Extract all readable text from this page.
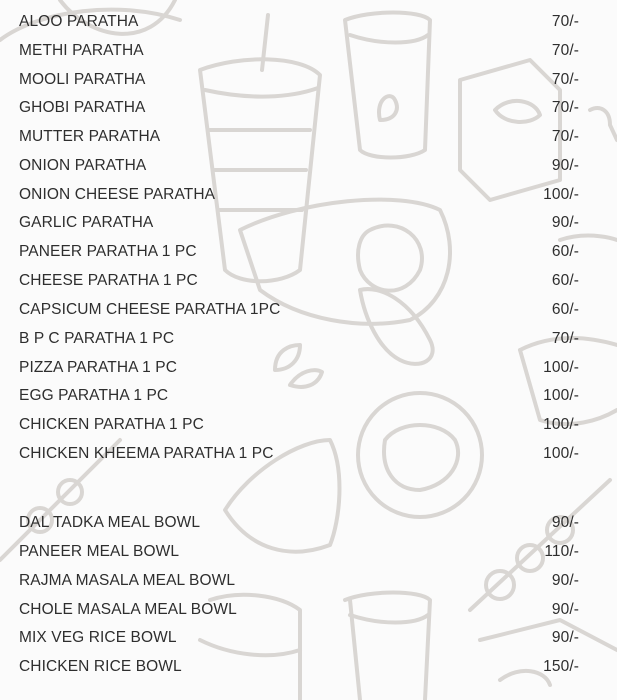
ALOO PARATHA	70/-
METHI PARATHA	70/-
MOOLI PARATHA	70/-
GHOBI PARATHA	70/-
MUTTER PARATHA	70/-
ONION PARATHA	90/-
ONION CHEESE PARATHA	100/-
GARLIC PARATHA	90/-
PANEER PARATHA 1 PC	60/-
CHEESE PARATHA 1 PC	60/-
CAPSICUM CHEESE PARATHA 1PC	60/-
B P C PARATHA 1 PC	70/-
PIZZA PARATHA 1 PC	100/-
EGG PARATHA 1 PC	100/-
CHICKEN PARATHA 1 PC	100/-
CHICKEN KHEEMA PARATHA 1 PC	100/-
DAL TADKA MEAL BOWL	90/-
PANEER MEAL BOWL	110/-
RAJMA MASALA MEAL BOWL	90/-
CHOLE MASALA MEAL BOWL	90/-
MIX VEG RICE BOWL	90/-
CHICKEN RICE BOWL	150/-
